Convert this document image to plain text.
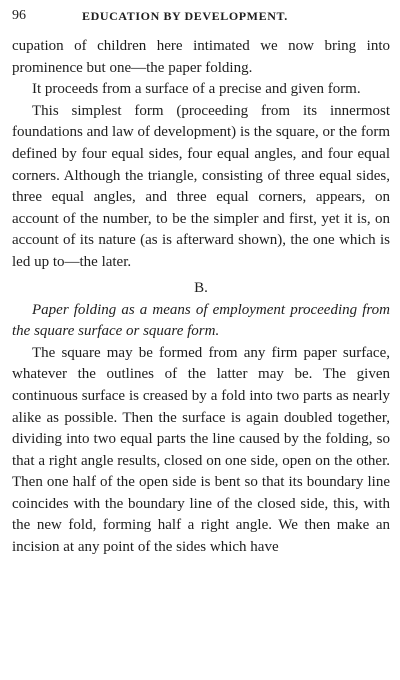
96	EDUCATION BY DEVELOPMENT.

cupation of children here intimated we now bring into prominence but one—the paper folding.

It proceeds from a surface of a precise and given form.

This simplest form (proceeding from its innermost foundations and law of development) is the square, or the form defined by four equal sides, four equal angles, and four equal corners. Although the triangle, consisting of three equal sides, three equal angles, and three equal corners, appears, on account of the number, to be the simpler and first, yet it is, on account of its nature (as is afterward shown), the one which is led up to—the later.

B.

Paper folding as a means of employment proceeding from the square surface or square form.

The square may be formed from any firm paper surface, whatever the outlines of the latter may be. The given continuous surface is creased by a fold into two parts as nearly alike as possible. Then the surface is again doubled together, dividing into two equal parts the line caused by the folding, so that a right angle results, closed on one side, open on the other. Then one half of the open side is bent so that its boundary line coincides with the boundary line of the closed side, this, with the new fold, forming half a right angle. We then make an incision at any point of the sides which have
